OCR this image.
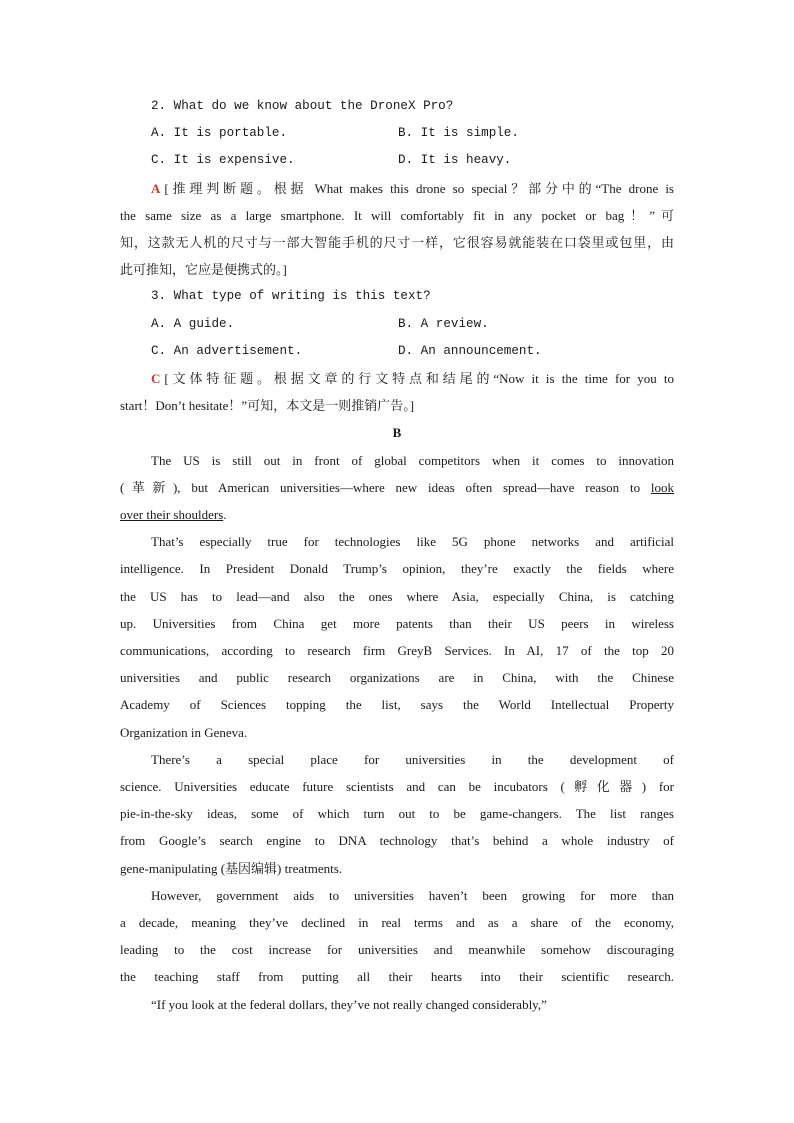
2. What do we know about the DroneX Pro?
A. It is portable.	B. It is simple.
C. It is expensive.	D. It is heavy.
A [推理判断题。根据 What makes this drone so special？部分中的“The drone is
the same size as a large smartphone. It will comfortably fit in any pocket or bag！”可
知，这款无人机的尺寸与一部大智能手机的尺寸一样，它很容易就能装在口袋里或包里，由
此可推知，它应是便携式的。]
3. What type of writing is this text?
A. A guide.	B. A review.
C. An advertisement.	D. An announcement.
C [文体特征题。根据文章的行文特点和结尾的“Now it is the time for you to
start！Don’t hesitate！”可知，本文是一则推销广告。]
B
The US is still out in front of global competitors when it comes to innovation
(革新), but American universities—where new ideas often spread—have reason to look
over their shoulders.
That’s especially true for technologies like 5G phone networks and artificial
intelligence. In President Donald Trump’s opinion, they’re exactly the fields where
the US has to lead—and also the ones where Asia, especially China, is catching
up. Universities from China get more patents than their US peers in wireless
communications, according to research firm GreyB Services. In AI, 17 of the top 20
universities and public research organizations are in China, with the Chinese
Academy of Sciences topping the list, says the World Intellectual Property
Organization in Geneva.
There’s a special place for universities in the development of
science. Universities educate future scientists and can be incubators (孵化器) for
pie-in-the-sky ideas, some of which turn out to be game-changers. The list ranges
from Google’s search engine to DNA technology that’s behind a whole industry of
gene-manipulating (基因编辑) treatments.
However, government aids to universities haven’t been growing for more than
a decade, meaning they’ve declined in real terms and as a share of the economy,
leading to the cost increase for universities and meanwhile somehow discouraging
the teaching staff from putting all their hearts into their scientific research.
“If you look at the federal dollars, they’ve not really changed considerably,”
